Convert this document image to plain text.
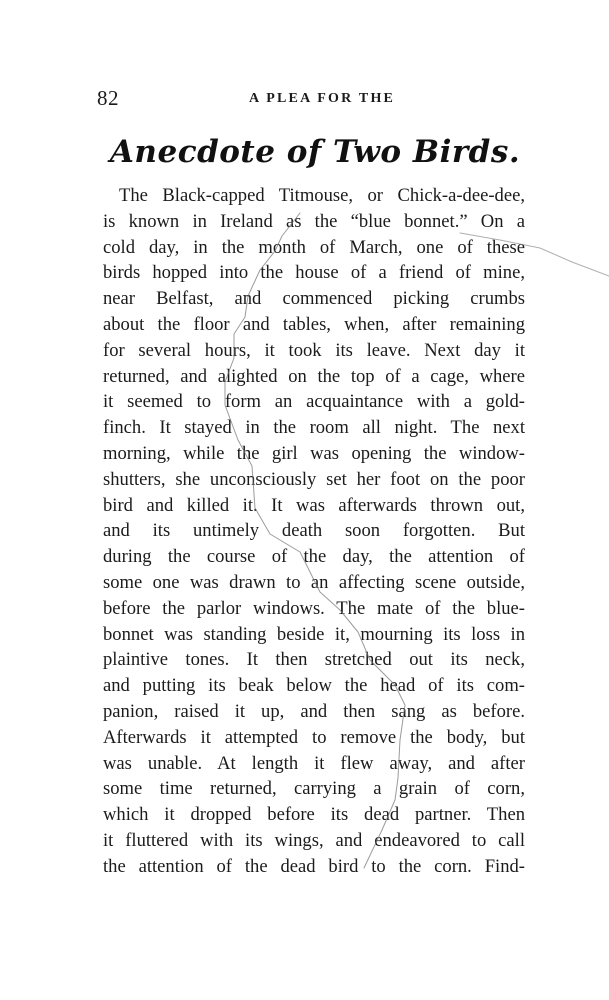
82	A PLEA FOR THE
Anecdote of Two Birds.
The Black-capped Titmouse, or Chick-a-dee-dee,
is known in Ireland as the “blue bonnet.” On a
cold day, in the month of March, one of these
birds hopped into the house of a friend of mine,
near Belfast, and commenced picking crumbs
about the floor and tables, when, after remaining
for several hours, it took its leave. Next day it
returned, and alighted on the top of a cage, where
it seemed to form an acquaintance with a gold-
finch. It stayed in the room all night. The next
morning, while the girl was opening the window-
shutters, she unconsciously set her foot on the poor
bird and killed it. It was afterwards thrown out,
and its untimely death soon forgotten. But
during the course of the day, the attention of
some one was drawn to an affecting scene outside,
before the parlor windows. The mate of the blue-
bonnet was standing beside it, mourning its loss in
plaintive tones. It then stretched out its neck,
and putting its beak below the head of its com-
panion, raised it up, and then sang as before.
Afterwards it attempted to remove the body, but
was unable. At length it flew away, and after
some time returned, carrying a grain of corn,
which it dropped before its dead partner. Then
it fluttered with its wings, and endeavored to call
the attention of the dead bird to the corn. Find-
